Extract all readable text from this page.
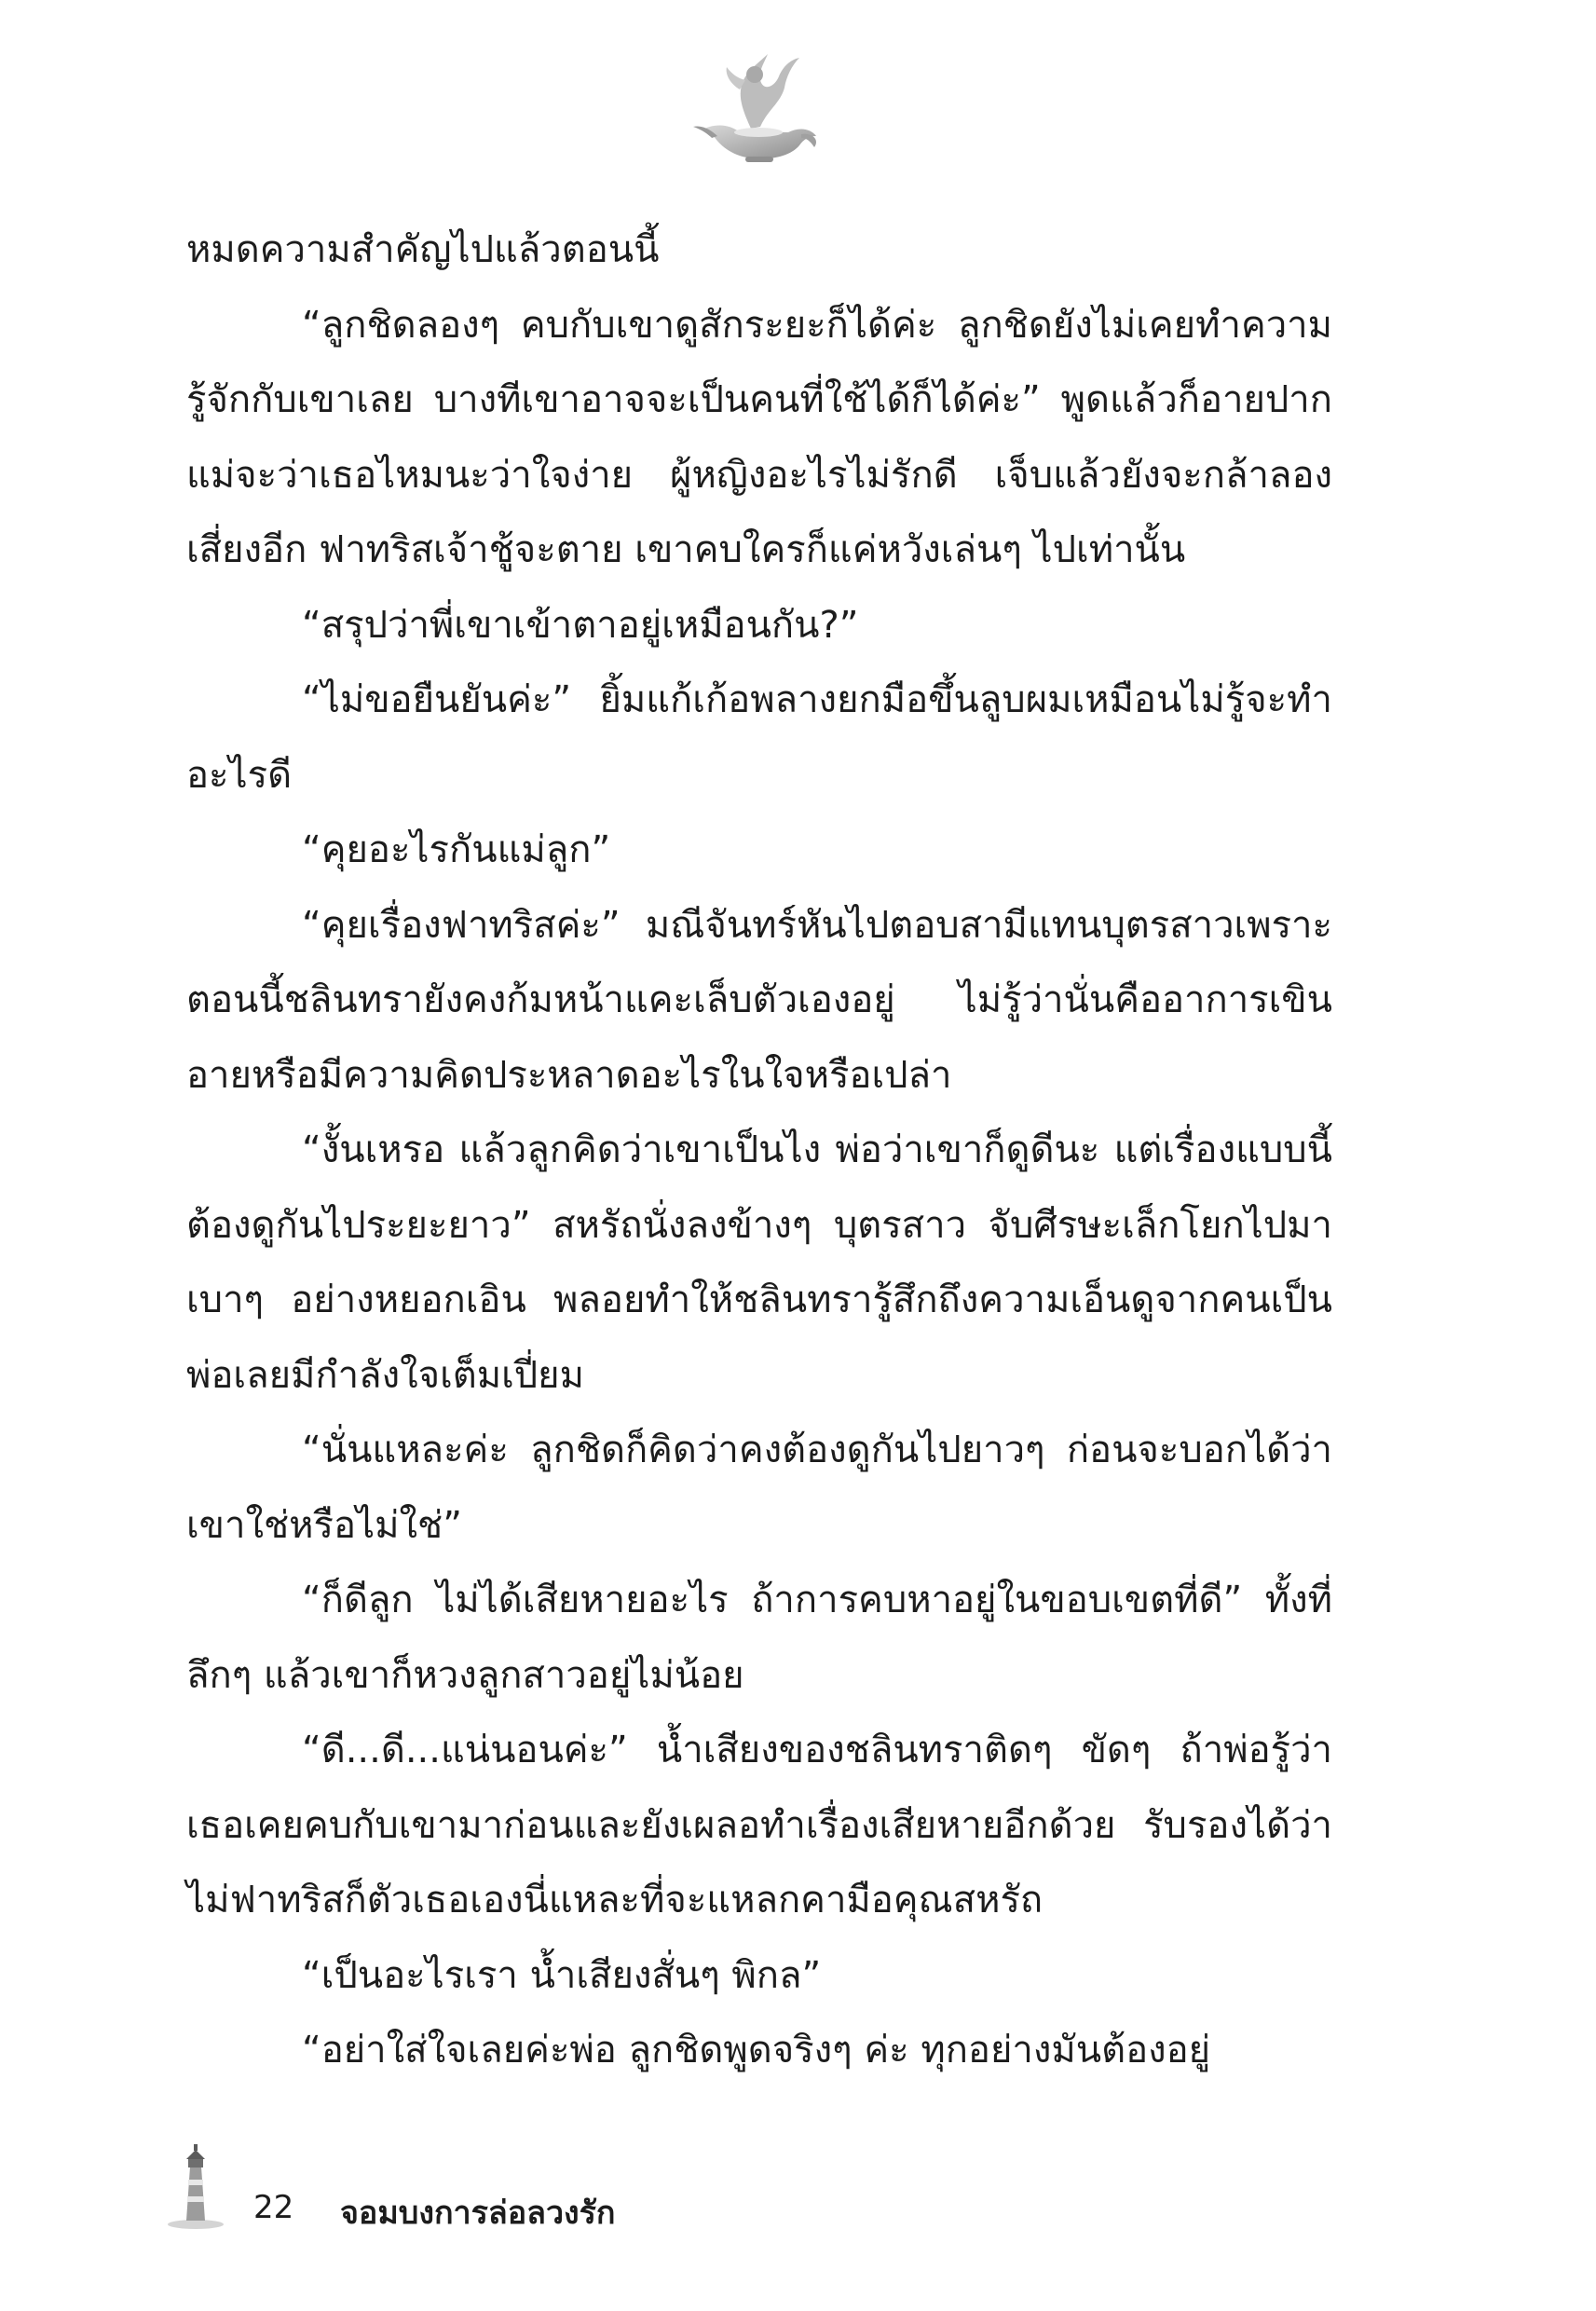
หมดความสำคัญไปแล้วตอนนี้

“ลูกชิดลองๆ คบกับเขาดูสักระยะก็ได้ค่ะ ลูกชิดยังไม่เคยทำความรู้จักกับเขาเลย บางทีเขาอาจจะเป็นคนที่ใช้ได้ก็ได้ค่ะ” พูดแล้วก็อายปาก แม่จะว่าเธอไหมนะว่าใจง่าย ผู้หญิงอะไรไม่รักดี เจ็บแล้วยังจะกล้าลองเสี่ยงอีก ฟาทริสเจ้าชู้จะตาย เขาคบใครก็แค่หวังเล่นๆ ไปเท่านั้น

“สรุปว่าพี่เขาเข้าตาอยู่เหมือนกัน?”

“ไม่ขอยืนยันค่ะ” ยิ้มแก้เก้อพลางยกมือขึ้นลูบผมเหมือนไม่รู้จะทำอะไรดี

“คุยอะไรกันแม่ลูก”

“คุยเรื่องฟาทริสค่ะ” มณีจันทร์หันไปตอบสามีแทนบุตรสาวเพราะตอนนี้ชลินทรายังคงก้มหน้าแคะเล็บตัวเองอยู่ ไม่รู้ว่านั่นคืออาการเขินอายหรือมีความคิดประหลาดอะไรในใจหรือเปล่า

“งั้นเหรอ แล้วลูกคิดว่าเขาเป็นไง พ่อว่าเขาก็ดูดีนะ แต่เรื่องแบบนี้ต้องดูกันไประยะยาว” สหรัถนั่งลงข้างๆ บุตรสาว จับศีรษะเล็กโยกไปมาเบาๆ อย่างหยอกเอิน พลอยทำให้ชลินทรารู้สึกถึงความเอ็นดูจากคนเป็นพ่อเลยมีกำลังใจเต็มเปี่ยม

“นั่นแหละค่ะ ลูกชิดก็คิดว่าคงต้องดูกันไปยาวๆ ก่อนจะบอกได้ว่าเขาใช่หรือไม่ใช่”

“ก็ดีลูก ไม่ได้เสียหายอะไร ถ้าการคบหาอยู่ในขอบเขตที่ดี” ทั้งที่ลึกๆ แล้วเขาก็หวงลูกสาวอยู่ไม่น้อย

“ดี...ดี...แน่นอนค่ะ” น้ำเสียงของชลินทราติดๆ ขัดๆ ถ้าพ่อรู้ว่าเธอเคยคบกับเขามาก่อนและยังเผลอทำเรื่องเสียหายอีกด้วย รับรองได้ว่าไม่ฟาทริสก็ตัวเธอเองนี่แหละที่จะแหลกคามือคุณสหรัถ

“เป็นอะไรเรา น้ำเสียงสั่นๆ พิกล”

“อย่าใส่ใจเลยค่ะพ่อ ลูกชิดพูดจริงๆ ค่ะ ทุกอย่างมันต้องอยู่

22 จอมบงการล่อลวงรัก
